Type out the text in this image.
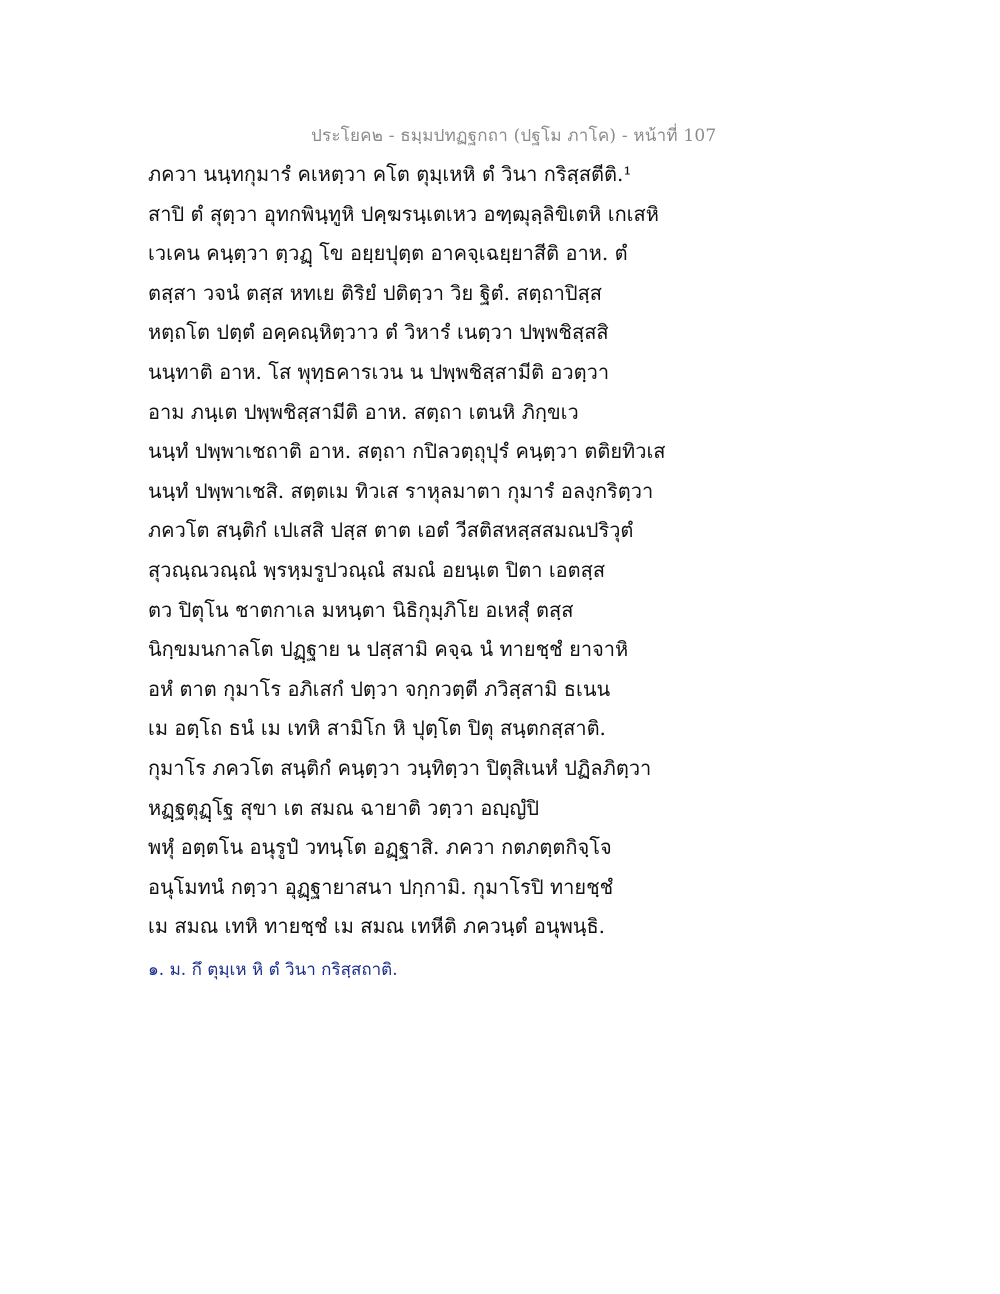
ประโยค๒ - ธมฺมปทฏฐกถา (ปฐโม ภาโค) - หน้าที่ 107
ภควา นนฺทกุมารํ คเหตฺวา คโต ตุมฺเหหิ ตํ วินา กริสฺสตีติ.¹
สาปิ ตํ สุตฺวา อุทกพินฺทูหิ ปคฺฆรนฺเตเหว อฑฺฒุลฺลิขิเตหิ เกเสหิ
เวเคน คนฺตฺวา ตฺวฏฺ โข อยฺยปุตฺต อาคจฺเฉยฺยาสีติ อาห. ตํ
ตสฺสา วจนํ ตสฺส หทเย ติริยํ ปติตฺวา วิย ฐิตํ. สตฺถาปิสฺส
หตฺถโต ปตฺตํ อคฺคณฺหิตฺวาว ตํ วิหารํ เนตฺวา ปพฺพชิสฺสสิ
นนฺทาติ อาห. โส พุทฺธคารเวน น ปพฺพชิสฺสามีติ อวตฺวา
อาม ภนฺเต ปพฺพชิสฺสามีติ อาห. สตฺถา เตนหิ ภิกฺขเว
นนฺทํ ปพฺพาเชถาติ อาห. สตฺถา กปิลวตฺถุปุรํ คนฺตฺวา ตติยทิวเส
นนฺทํ ปพฺพาเชสิ. สตฺตเม ทิวเส ราหุลมาตา กุมารํ อลงฺกริตฺวา
ภควโต สนฺติกํ เปเสสิ ปสฺส ตาต เอตํ วีสติสหสฺสสมณปริวุตํ
สุวณฺณวณฺณํ พฺรหฺมรูปวณฺณํ สมณํ อยนฺเต ปิตา เอตสฺส
ตว ปิตุโน ชาตกาเล มหนฺตา นิธิกุมฺภิโย อเหสุํ ตสฺส
นิกฺขมนกาลโต ปฏฺฐาย น ปสฺสามิ คจฺฉ นํ ทายชฺชํ ยาจาหิ
อหํ ตาต กุมาโร อภิเสกํ ปตฺวา จกฺกวตฺตี ภวิสฺสามิ ธเนน
เม อตฺโถ ธนํ เม เทหิ สามิโก หิ ปุตฺโต ปิตุ สนฺตกสฺสาติ.
กุมาโร ภควโต สนฺติกํ คนฺตฺวา วนฺทิตฺวา ปิตุสิเนหํ ปฏิลภิตฺวา
หฏฺฐตุฏฺโฐ สุขา เต สมณ ฉายาติ วตฺวา อญฺญํปิ
พหุํ อตฺตโน อนุรูปํ วทนฺโต อฏฺฐาสิ. ภควา กตภตฺตกิจฺโจ
อนุโมทนํ กตฺวา อุฏฺฐายาสนา ปกฺกามิ. กุมาโรปิ ทายชฺชํ
เม สมณ เทหิ ทายชฺชํ เม สมณ เทหีติ ภควนฺตํ อนุพนฺธิ.
๑. ม. กึ ตุมฺเห หิ ตํ วินา กริสฺสถาติ.
